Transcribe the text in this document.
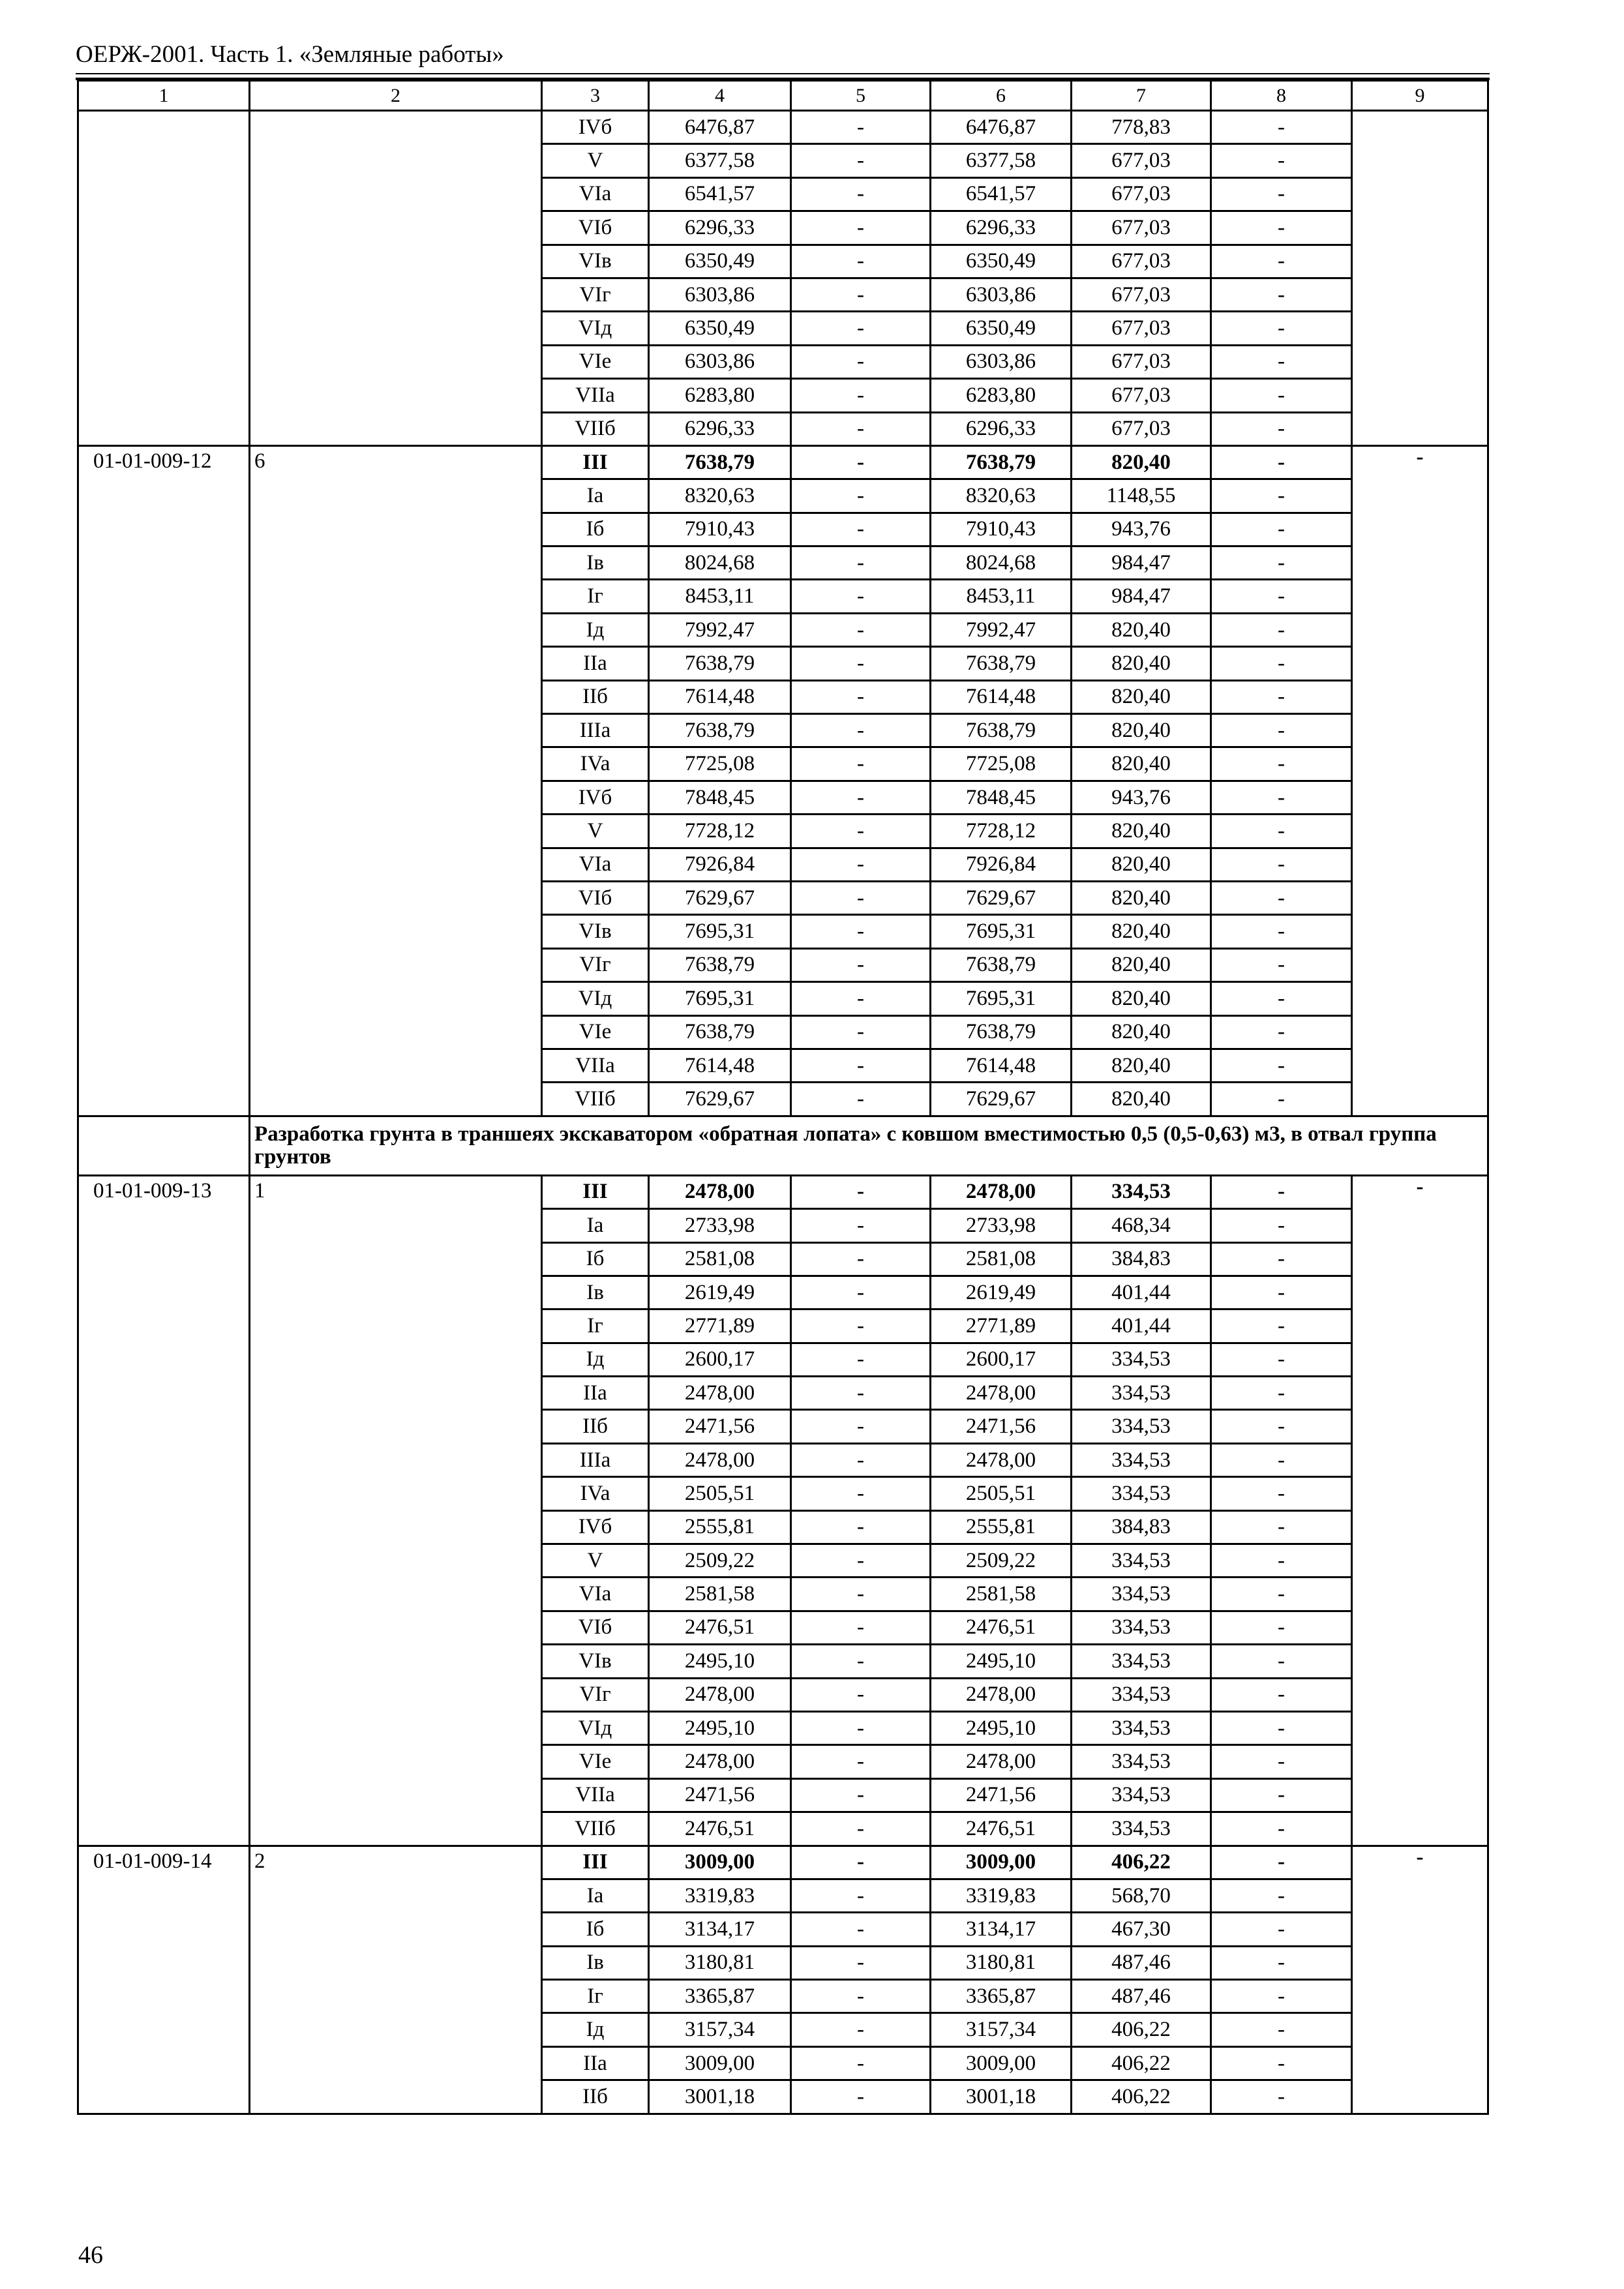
ОЕРЖ-2001. Часть 1. «Земляные работы»
1	2	3	4	5	6	7	8	9
		IVб	6476,87	-	6476,87	778,83	-	
		V	6377,58	-	6377,58	677,03	-	
		VIa	6541,57	-	6541,57	677,03	-	
		VIб	6296,33	-	6296,33	677,03	-	
		VIв	6350,49	-	6350,49	677,03	-	
		VIг	6303,86	-	6303,86	677,03	-	
		VIд	6350,49	-	6350,49	677,03	-	
		VIe	6303,86	-	6303,86	677,03	-	
		VIIa	6283,80	-	6283,80	677,03	-	
		VIIб	6296,33	-	6296,33	677,03	-	
01-01-009-12	6	III	7638,79	-	7638,79	820,40	-	-
		Ia	8320,63	-	8320,63	1148,55	-	
		Iб	7910,43	-	7910,43	943,76	-	
		Iв	8024,68	-	8024,68	984,47	-	
		Iг	8453,11	-	8453,11	984,47	-	
		Iд	7992,47	-	7992,47	820,40	-	
		IIa	7638,79	-	7638,79	820,40	-	
		IIб	7614,48	-	7614,48	820,40	-	
		IIIa	7638,79	-	7638,79	820,40	-	
		IVa	7725,08	-	7725,08	820,40	-	
		IVб	7848,45	-	7848,45	943,76	-	
		V	7728,12	-	7728,12	820,40	-	
		VIa	7926,84	-	7926,84	820,40	-	
		VIб	7629,67	-	7629,67	820,40	-	
		VIв	7695,31	-	7695,31	820,40	-	
		VIг	7638,79	-	7638,79	820,40	-	
		VIд	7695,31	-	7695,31	820,40	-	
		VIe	7638,79	-	7638,79	820,40	-	
		VIIa	7614,48	-	7614,48	820,40	-	
		VIIб	7629,67	-	7629,67	820,40	-	
	Разработка грунта в траншеях экскаватором «обратная лопата» с ковшом вместимостью 0,5 (0,5-0,63) м3, в отвал группа грунтов							
01-01-009-13	1	III	2478,00	-	2478,00	334,53	-	-
		Ia	2733,98	-	2733,98	468,34	-	
		Iб	2581,08	-	2581,08	384,83	-	
		Iв	2619,49	-	2619,49	401,44	-	
		Iг	2771,89	-	2771,89	401,44	-	
		Iд	2600,17	-	2600,17	334,53	-	
		IIa	2478,00	-	2478,00	334,53	-	
		IIб	2471,56	-	2471,56	334,53	-	
		IIIa	2478,00	-	2478,00	334,53	-	
		IVa	2505,51	-	2505,51	334,53	-	
		IVб	2555,81	-	2555,81	384,83	-	
		V	2509,22	-	2509,22	334,53	-	
		VIa	2581,58	-	2581,58	334,53	-	
		VIб	2476,51	-	2476,51	334,53	-	
		VIв	2495,10	-	2495,10	334,53	-	
		VIг	2478,00	-	2478,00	334,53	-	
		VIд	2495,10	-	2495,10	334,53	-	
		VIe	2478,00	-	2478,00	334,53	-	
		VIIa	2471,56	-	2471,56	334,53	-	
		VIIб	2476,51	-	2476,51	334,53	-	
01-01-009-14	2	III	3009,00	-	3009,00	406,22	-	-
		Ia	3319,83	-	3319,83	568,70	-	
		Iб	3134,17	-	3134,17	467,30	-	
		Iв	3180,81	-	3180,81	487,46	-	
		Iг	3365,87	-	3365,87	487,46	-	
		Iд	3157,34	-	3157,34	406,22	-	
		IIa	3009,00	-	3009,00	406,22	-	
		IIб	3001,18	-	3001,18	406,22	-	
46
